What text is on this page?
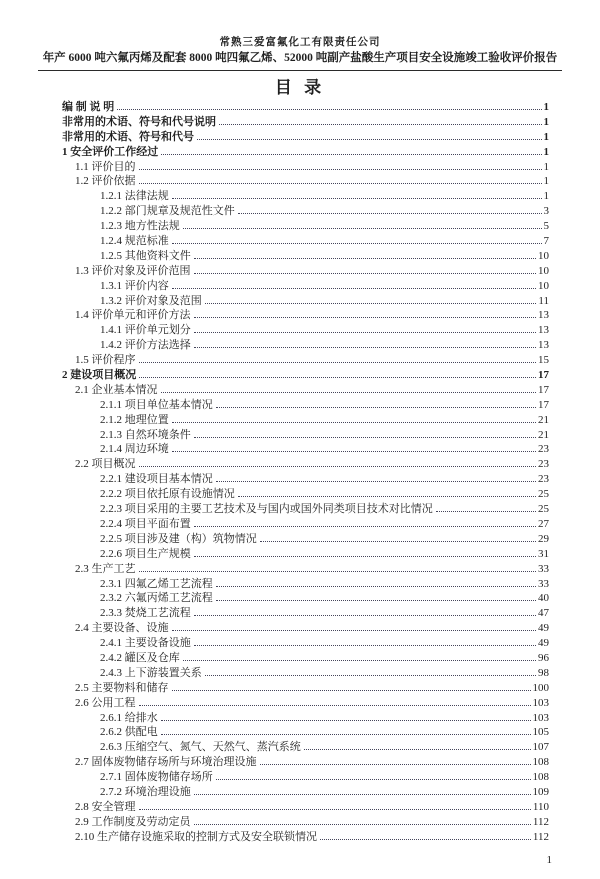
常熟三爱富氟化工有限责任公司
年产 6000 吨六氟丙烯及配套 8000 吨四氟乙烯、52000 吨副产盐酸生产项目安全设施竣工验收评价报告
目 录
编 制 说 明	1
非常用的术语、符号和代号说明	1
非常用的术语、符号和代号	1
1 安全评价工作经过	1
1.1 评价目的	1
1.2 评价依据	1
1.2.1 法律法规	1
1.2.2 部门规章及规范性文件	3
1.2.3 地方性法规	5
1.2.4 规范标准	7
1.2.5 其他资料文件	10
1.3 评价对象及评价范围	10
1.3.1 评价内容	10
1.3.2 评价对象及范围	11
1.4 评价单元和评价方法	13
1.4.1 评价单元划分	13
1.4.2 评价方法选择	13
1.5 评价程序	15
2 建设项目概况	17
2.1 企业基本情况	17
2.1.1 项目单位基本情况	17
2.1.2 地理位置	21
2.1.3 自然环境条件	21
2.1.4 周边环境	23
2.2 项目概况	23
2.2.1 建设项目基本情况	23
2.2.2 项目依托原有设施情况	25
2.2.3 项目采用的主要工艺技术及与国内或国外同类项目技术对比情况	25
2.2.4 项目平面布置	27
2.2.5 项目涉及建（构）筑物情况	29
2.2.6 项目生产规模	31
2.3 生产工艺	33
2.3.1 四氟乙烯工艺流程	33
2.3.2 六氟丙烯工艺流程	40
2.3.3 焚烧工艺流程	47
2.4 主要设备、设施	49
2.4.1 主要设备设施	49
2.4.2 罐区及仓库	96
2.4.3 上下游装置关系	98
2.5 主要物料和储存	100
2.6 公用工程	103
2.6.1 给排水	103
2.6.2 供配电	105
2.6.3 压缩空气、氮气、天然气、蒸汽系统	107
2.7 固体废物储存场所与环境治理设施	108
2.7.1 固体废物储存场所	108
2.7.2 环境治理设施	109
2.8 安全管理	110
2.9 工作制度及劳动定员	112
2.10 生产储存设施采取的控制方式及安全联锁情况	112
1
